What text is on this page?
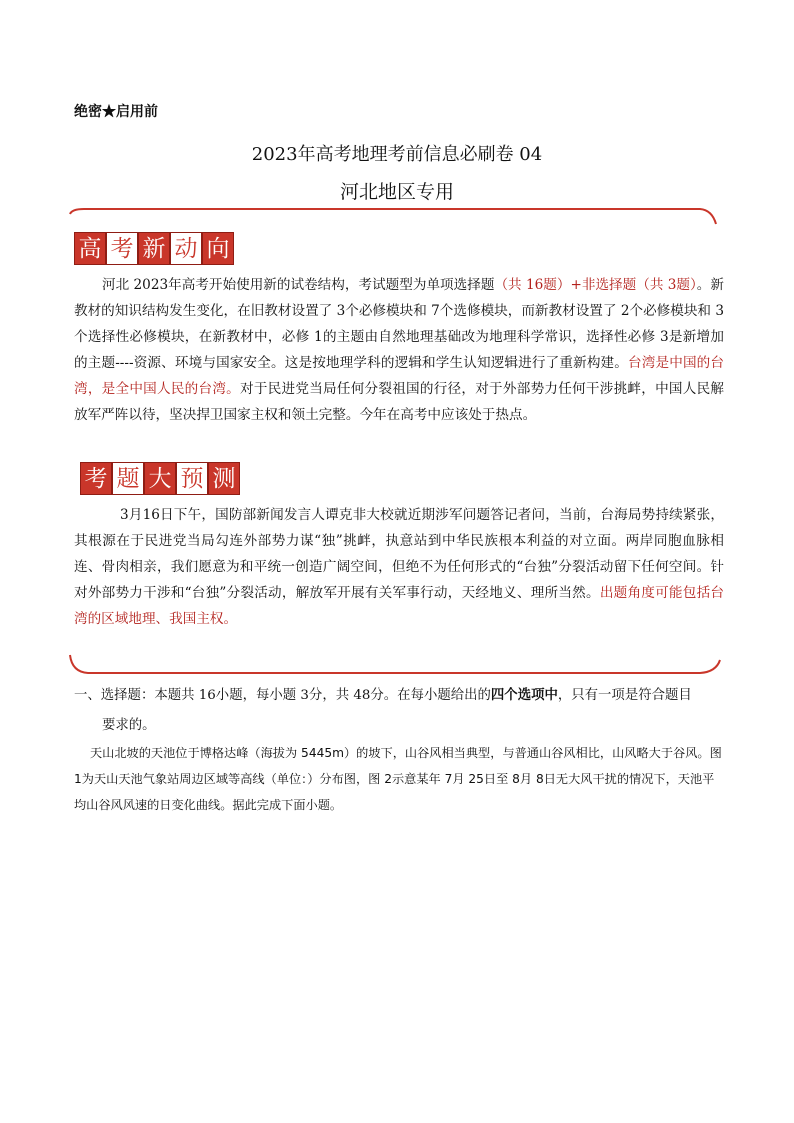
绝密★启用前
2023年高考地理考前信息必刷卷 04
河北地区专用
高 考 新 动 向
河北 2023年高考开始使用新的试卷结构，考试题型为单项选择题（共 16题）+非选择题（共 3题）。新教材的知识结构发生变化，在旧教材设置了 3个必修模块和 7个选修模块，而新教材设置了 2个必修模块和 3个选择性必修模块，在新教材中，必修 1的主题由自然地理基础改为地理科学常识，选择性必修 3是新增加的主题----资源、环境与国家安全。这是按地理学科的逻辑和学生认知逻辑进行了重新构建。台湾是中国的台湾，是全中国人民的台湾。对于民进党当局任何分裂祖国的行径，对于外部势力任何干涉挑衅，中国人民解放军严阵以待，坚决捍卫国家主权和领土完整。今年在高考中应该处于热点。
考 题 大 预 测
3月16日下午，国防部新闻发言人谭克非大校就近期涉军问题答记者问，当前，台海局势持续紧张，其根源在于民进党当局勾连外部势力谋“独”挑衅，执意站到中华民族根本利益的对立面。两岸同胞血脉相连、骨肉相亲，我们愿意为和平统一创造广阔空间，但绝不为任何形式的“台独”分裂活动留下任何空间。针对外部势力干涉和“台独”分裂活动，解放军开展有关军事行动，天经地义、理所当然。出题角度可能包括台湾的区域地理、我国主权。
一、选择题：本题共 16小题，每小题 3分，共 48分。在每小题给出的四个选项中，只有一项是符合题目
要求的。
天山北坡的天池位于博格达峰（海拔为 5445m）的坡下，山谷风相当典型，与普通山谷风相比，山风略大于谷风。图 1为天山天池气象站周边区域等高线（单位：）分布图，图 2示意某年 7月 25日至 8月 8日无大风干扰的情况下，天池平均山谷风风速的日变化曲线。据此完成下面小题。
